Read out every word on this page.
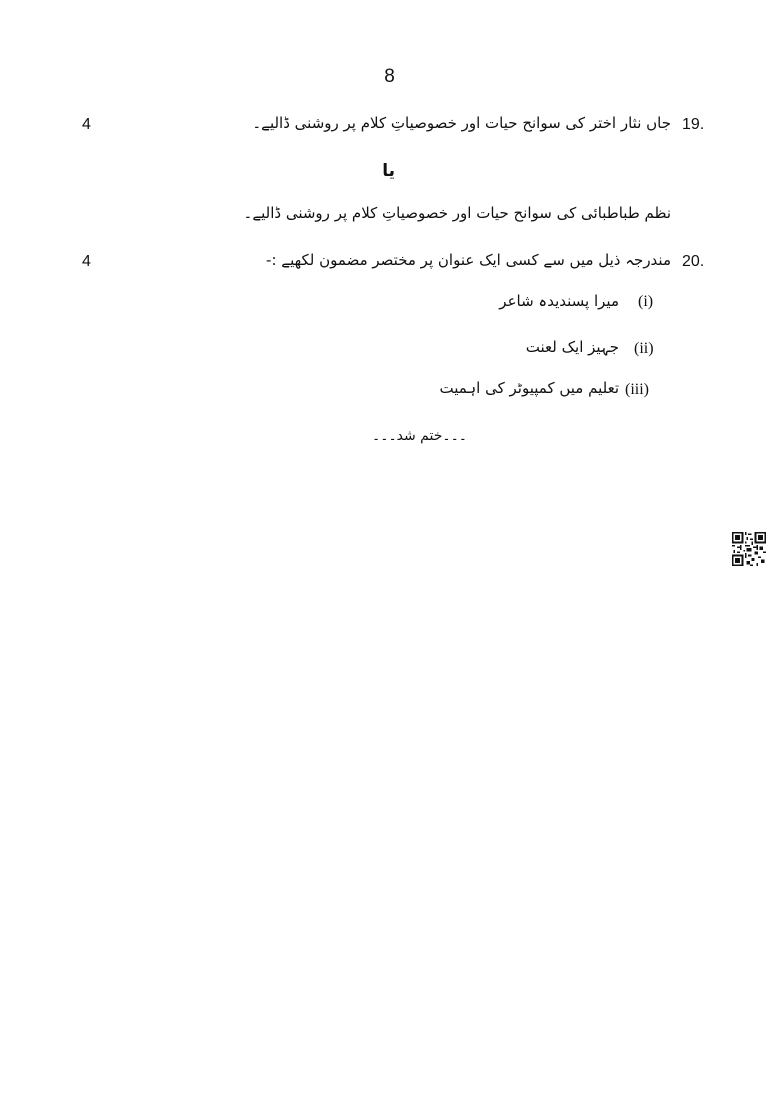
8
19.
جاں نثار اختر کی سوانح حیات اور خصوصیاتِ کلام پر روشنی ڈالیے۔
4
یا
نظم طباطبائی کی سوانح حیات اور خصوصیاتِ کلام پر روشنی ڈالیے۔
20.
مندرجہ ذیل میں سے کسی ایک عنوان پر مختصر مضمون لکھیے :-
4
(i)
میرا پسندیدہ شاعر
(ii)
جہیز ایک لعنت
(iii)
تعلیم میں کمپیوٹر کی اہمیت
۔۔۔ختم شد۔۔۔
